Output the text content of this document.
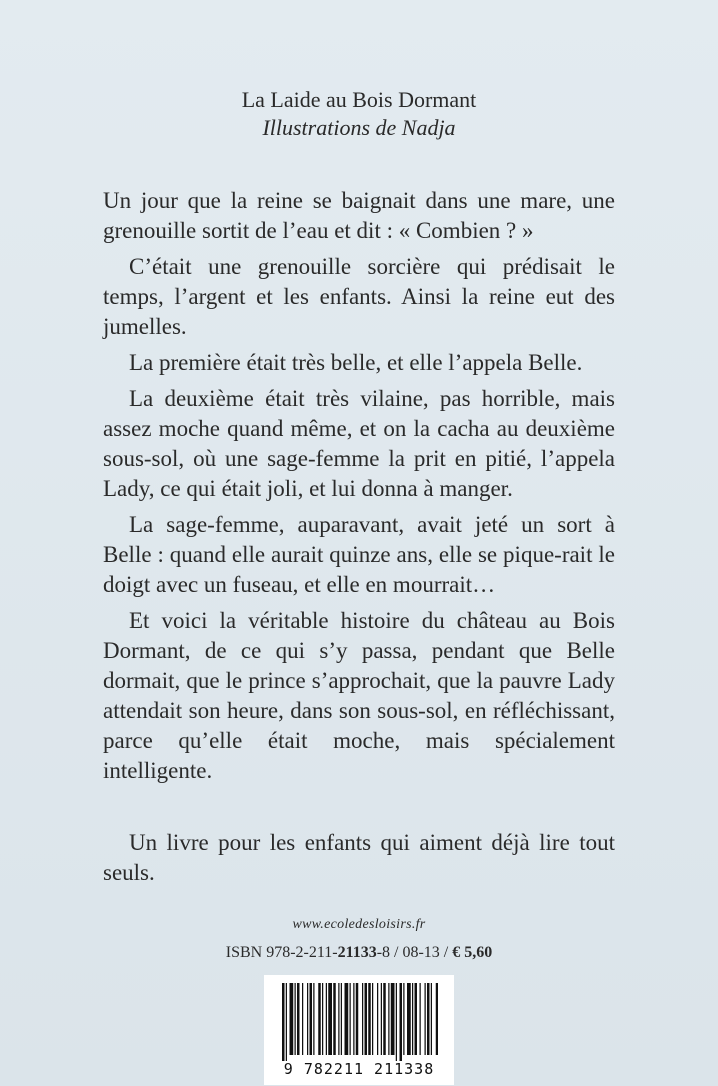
La Laide au Bois Dormant
Illustrations de Nadja

Un jour que la reine se baignait dans une mare, une grenouille sortit de l’eau et dit : « Combien ? »

C’était une grenouille sorcière qui prédisait le temps, l’argent et les enfants. Ainsi la reine eut des jumelles.

La première était très belle, et elle l’appela Belle.

La deuxième était très vilaine, pas horrible, mais assez moche quand même, et on la cacha au deuxième sous-sol, où une sage-femme la prit en pitié, l’appela Lady, ce qui était joli, et lui donna à manger.

La sage-femme, auparavant, avait jeté un sort à Belle : quand elle aurait quinze ans, elle se pique-rait le doigt avec un fuseau, et elle en mourrait…

Et voici la véritable histoire du château au Bois Dormant, de ce qui s’y passa, pendant que Belle dormait, que le prince s’approchait, que la pauvre Lady attendait son heure, dans son sous-sol, en réfléchissant, parce qu’elle était moche, mais spécialement intelligente.

Un livre pour les enfants qui aiment déjà lire tout seuls.

www.ecoledesloisirs.fr
ISBN 978-2-211-21133-8 / 08-13 / € 5,60
9 782211 211338
